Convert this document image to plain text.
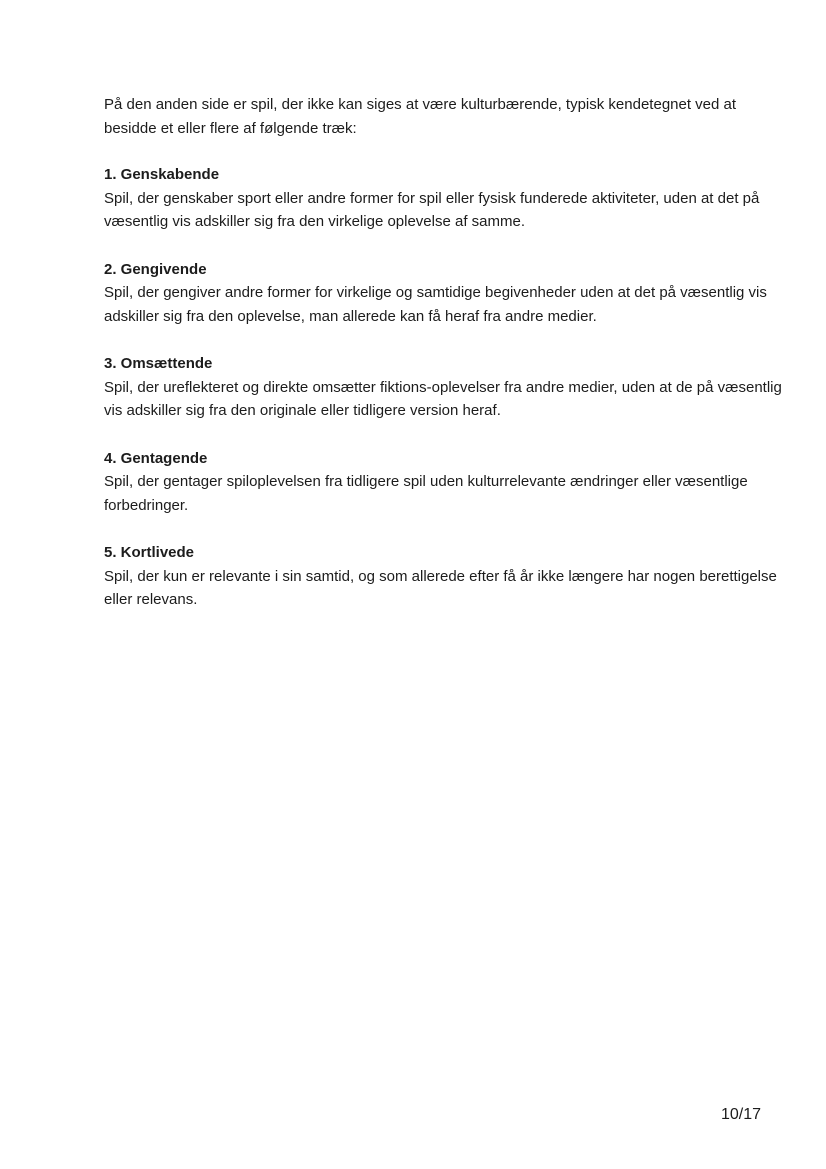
På den anden side er spil, der ikke kan siges at være kulturbærende, typisk kendetegnet ved at besidde et eller flere af følgende træk:

1. Genskabende

Spil, der genskaber sport eller andre former for spil eller fysisk funderede aktiviteter, uden at det på væsentlig vis adskiller sig fra den virkelige oplevelse af samme.

2. Gengivende

Spil, der gengiver andre former for virkelige og samtidige begivenheder uden at det på væsentlig vis adskiller sig fra den oplevelse, man allerede kan få heraf fra andre medier.

3. Omsættende

Spil, der ureflekteret og direkte omsætter fiktions-oplevelser fra andre medier, uden at de på væsentlig vis adskiller sig fra den originale eller tidligere version heraf.

4. Gentagende

Spil, der gentager spiloplevelsen fra tidligere spil uden kulturrelevante ændringer eller væsentlige forbedringer.

5. Kortlivede

Spil, der kun er relevante i sin samtid, og som allerede efter få år ikke længere har nogen berettigelse eller relevans.

10/17
